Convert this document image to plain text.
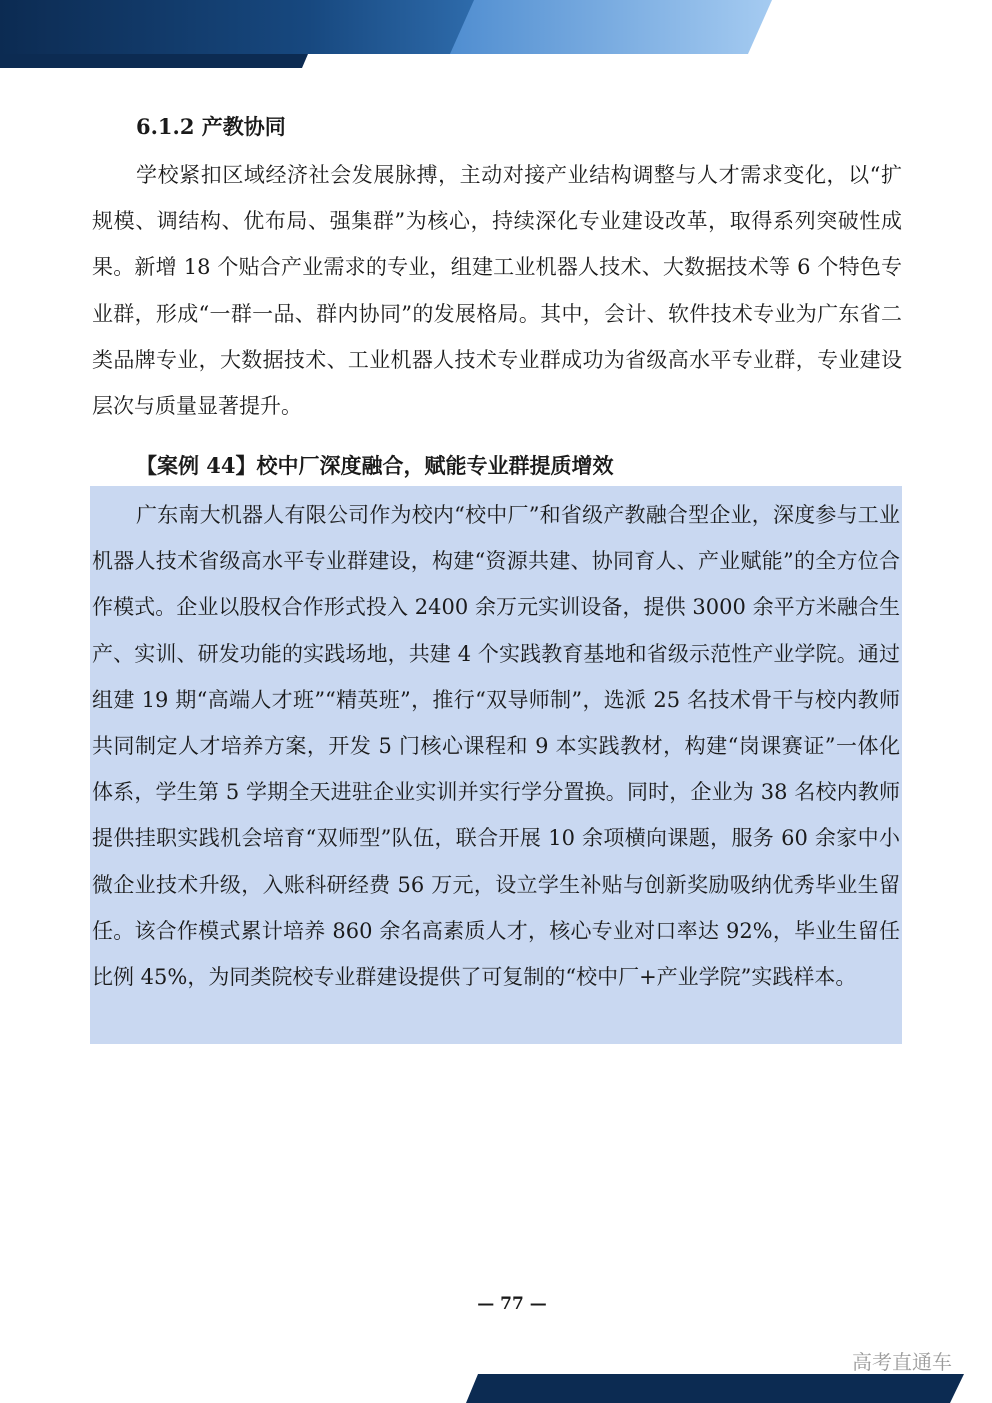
6.1.2 产教协同

学校紧扣区域经济社会发展脉搏，主动对接产业结构调整与人才需求变化，以“扩规模、调结构、优布局、强集群”为核心，持续深化专业建设改革，取得系列突破性成果。新增 18 个贴合产业需求的专业，组建工业机器人技术、大数据技术等 6 个特色专业群，形成“一群一品、群内协同”的发展格局。其中，会计、软件技术专业为广东省二类品牌专业，大数据技术、工业机器人技术专业群成功为省级高水平专业群，专业建设层次与质量显著提升。

【案例 44】校中厂深度融合，赋能专业群提质增效

广东南大机器人有限公司作为校内“校中厂”和省级产教融合型企业，深度参与工业机器人技术省级高水平专业群建设，构建“资源共建、协同育人、产业赋能”的全方位合作模式。企业以股权合作形式投入 2400 余万元实训设备，提供 3000 余平方米融合生产、实训、研发功能的实践场地，共建 4 个实践教育基地和省级示范性产业学院。通过组建 19 期“高端人才班”“精英班”，推行“双导师制”，选派 25 名技术骨干与校内教师共同制定人才培养方案，开发 5 门核心课程和 9 本实践教材，构建“岗课赛证”一体化体系，学生第 5 学期全天进驻企业实训并实行学分置换。同时，企业为 38 名校内教师提供挂职实践机会培育“双师型”队伍，联合开展 10 余项横向课题，服务 60 余家中小微企业技术升级，入账科研经费 56 万元，设立学生补贴与创新奖励吸纳优秀毕业生留任。该合作模式累计培养 860 余名高素质人才，核心专业对口率达 92%，毕业生留任比例 45%，为同类院校专业群建设提供了可复制的“校中厂+产业学院”实践样本。

— 77 —
高考直通车
